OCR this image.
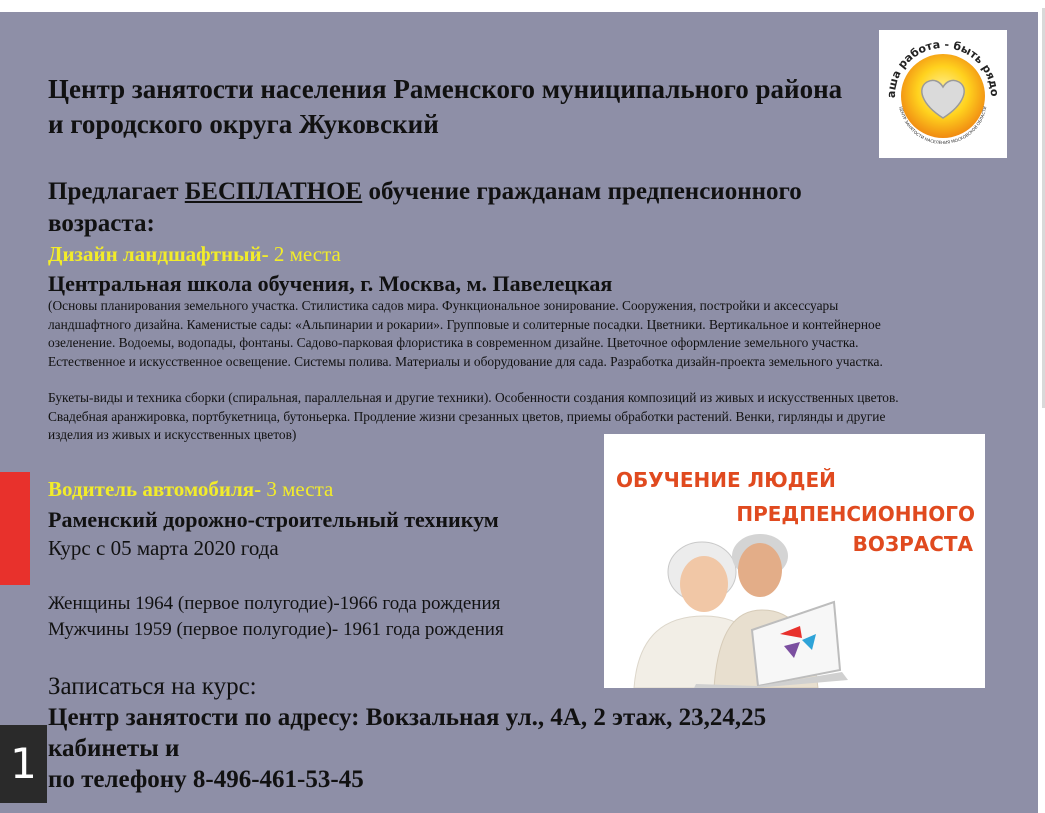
Центр занятости населения Раменского муниципального района и городского округа Жуковский

Предлагает БЕСПЛАТНОЕ обучение гражданам предпенсионного возраста:

Дизайн ландшафтный- 2 места

Центральная школа обучения, г. Москва, м. Павелецкая

(Основы планирования земельного участка. Стилистика садов мира. Функциональное зонирование. Сооружения, постройки и аксессуары ландшафтного дизайна. Каменистые сады: «Альпинарии и рокарии». Групповые и солитерные посадки. Цветники. Вертикальное и контейнерное озеленение. Водоемы, водопады, фонтаны. Садово-парковая флористика в современном дизайне. Цветочное оформление земельного участка. Естественное и искусственное освещение. Системы полива. Материалы и оборудование для сада. Разработка дизайн-проекта земельного участка.

Букеты-виды и техника сборки (спиральная, параллельная и другие техники). Особенности создания композиций из живых и искусственных цветов. Свадебная аранжировка, портбукетница, бутоньерка. Продление жизни срезанных цветов, приемы обработки растений. Венки, гирлянды и другие изделия из живых и искусственных цветов)

Водитель автомобиля- 3 места

Раменский дорожно-строительный техникум

Курс с 05 марта 2020 года

Женщины 1964 (первое полугодие)-1966 года рождения

Мужчины 1959 (первое полугодие)- 1961 года рождения

Записаться на курс:

Центр занятости по адресу: Вокзальная ул., 4А, 2 этаж, 23,24,25 кабинеты и

по телефону 8-496-461-53-45

аша работа - быть рядо
ЦЕНТР ЗАНЯТОСТИ НАСЕЛЕНИЯ МОСКОВСКОЙ ОБЛАСТИ

ОБУЧЕНИЕ ЛЮДЕЙ

ПРЕДПЕНСИОННОГО

ВОЗРАСТА

1
